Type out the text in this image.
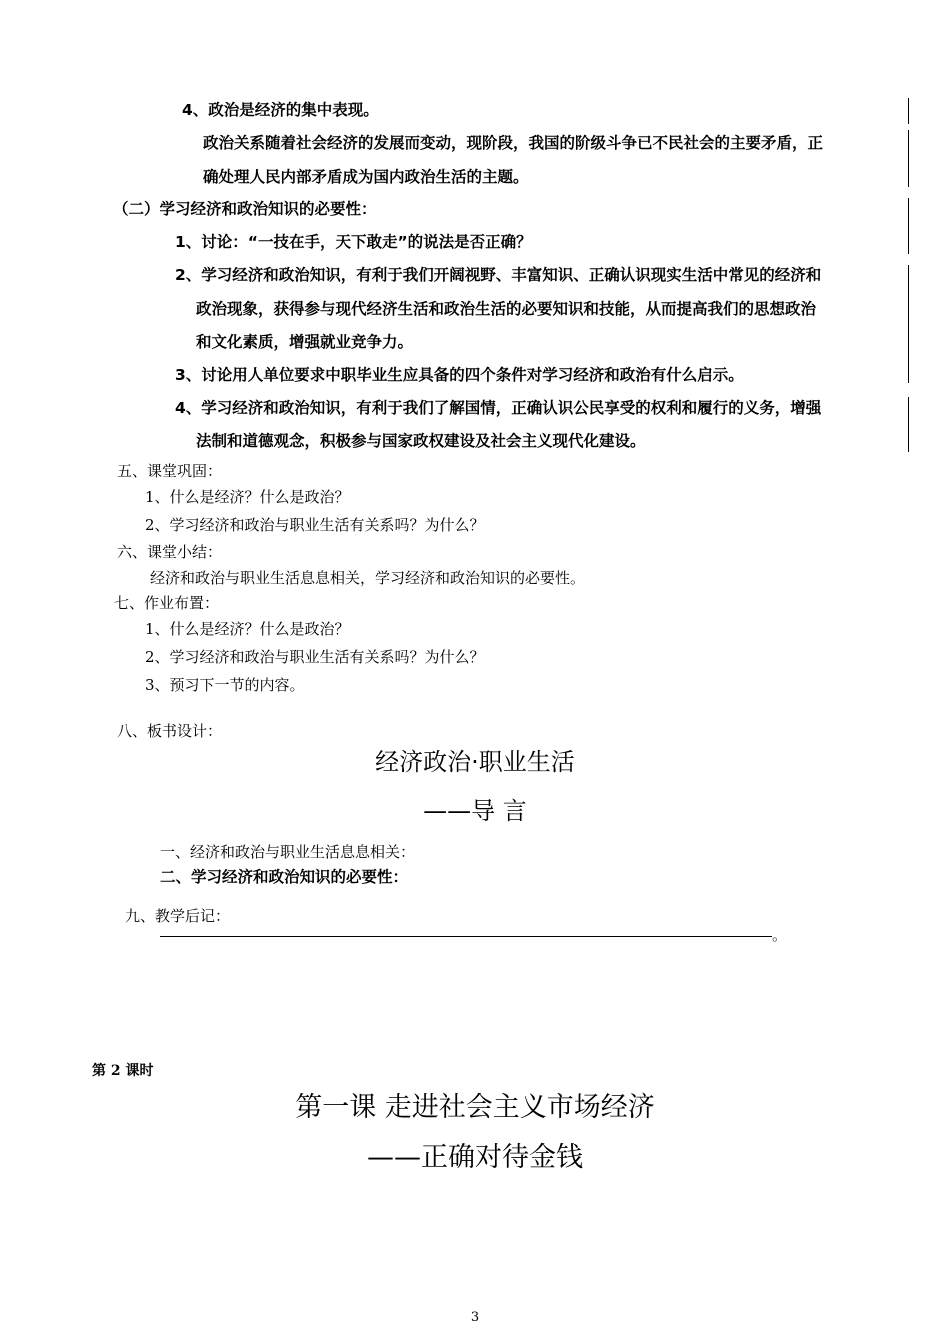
4、政治是经济的集中表现。
政治关系随着社会经济的发展而变动，现阶段，我国的阶级斗争已不民社会的主要矛盾，正
确处理人民内部矛盾成为国内政治生活的主题。
（二）学习经济和政治知识的必要性：
1、讨论：“一技在手，天下敢走”的说法是否正确？
2、学习经济和政治知识，有利于我们开阔视野、丰富知识、正确认识现实生活中常见的经济和
政治现象，获得参与现代经济生活和政治生活的必要知识和技能，从而提高我们的思想政治
和文化素质，增强就业竞争力。
3、讨论用人单位要求中职毕业生应具备的四个条件对学习经济和政治有什么启示。
4、学习经济和政治知识，有利于我们了解国情，正确认识公民享受的权利和履行的义务，增强
法制和道德观念，积极参与国家政权建设及社会主义现代化建设。
五、课堂巩固：
1、什么是经济？什么是政治？
2、学习经济和政治与职业生活有关系吗？为什么？
六、课堂小结：
经济和政治与职业生活息息相关，学习经济和政治知识的必要性。
七、作业布置：
1、什么是经济？什么是政治？
2、学习经济和政治与职业生活有关系吗？为什么？
3、预习下一节的内容。
八、板书设计：
经济政治·职业生活
——导 言
一、经济和政治与职业生活息息相关：
二、学习经济和政治知识的必要性：
九、教学后记：
。
第 2 课时
第一课 走进社会主义市场经济
——正确对待金钱
3
